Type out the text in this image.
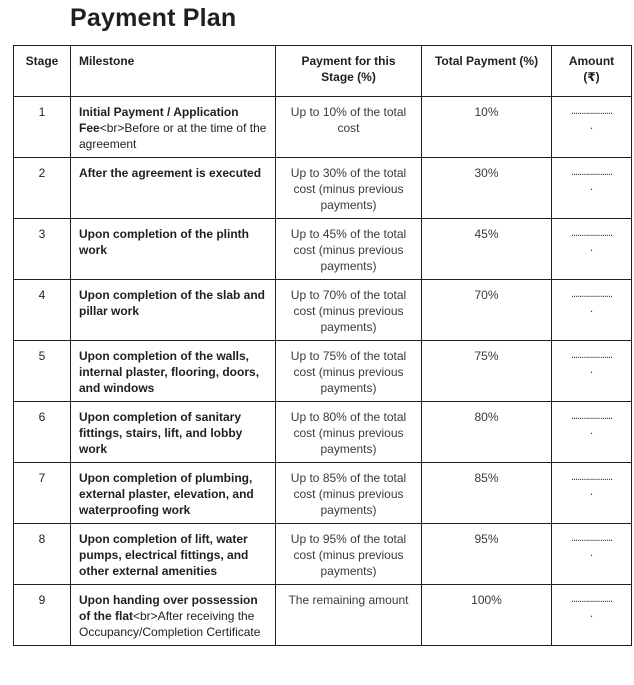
Payment Plan
Stage	Milestone	Payment for this Stage (%)	Total Payment (%)	Amount (₹)
1	Initial Payment / Application Fee<br>Before or at the time of the agreement	Up to 10% of the total cost	10%	....................
.

2	After the agreement is executed	Up to 30% of the total cost (minus previous payments)	30%	....................
.

3	Upon completion of the plinth work	Up to 45% of the total cost (minus previous payments)	45%	....................
.

4	Upon completion of the slab and pillar work	Up to 70% of the total cost (minus previous payments)	70%	....................
.

5	Upon completion of the walls, internal plaster, flooring, doors, and windows	Up to 75% of the total cost (minus previous payments)	75%	....................
.

6	Upon completion of sanitary fittings, stairs, lift, and lobby work	Up to 80% of the total cost (minus previous payments)	80%	....................
.

7	Upon completion of plumbing, external plaster, elevation, and waterproofing work	Up to 85% of the total cost (minus previous payments)	85%	....................
.

8	Upon completion of lift, water pumps, electrical fittings, and other external amenities	Up to 95% of the total cost (minus previous payments)	95%	....................
.

9	Upon handing over possession of the flat<br>After receiving the Occupancy/Completion Certificate	The remaining amount	100%	....................
.
